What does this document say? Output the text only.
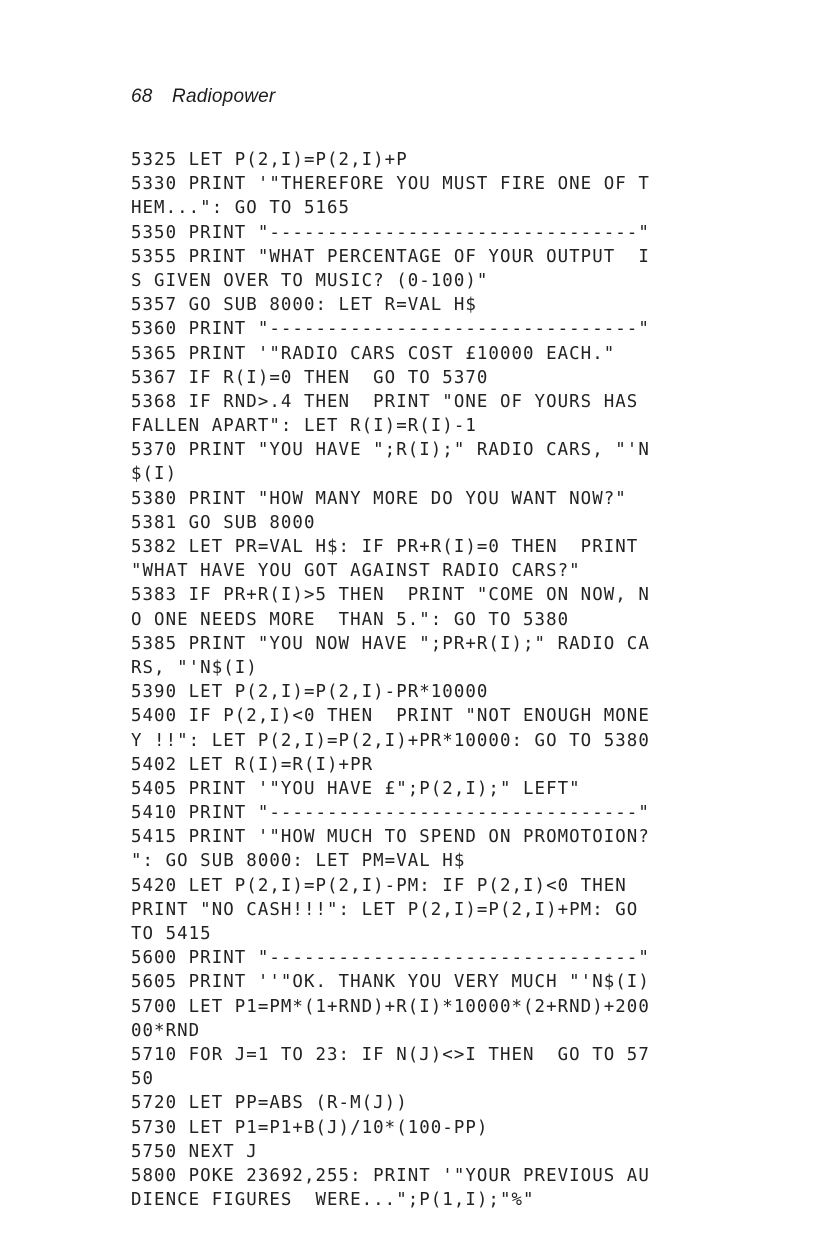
68 Radiopower
5325 LET P(2,I)=P(2,I)+P
5330 PRINT '"THEREFORE YOU MUST FIRE ONE OF T
HEM...": GO TO 5165
5350 PRINT "--------------------------------"
5355 PRINT "WHAT PERCENTAGE OF YOUR OUTPUT  I
S GIVEN OVER TO MUSIC? (0-100)"
5357 GO SUB 8000: LET R=VAL H$
5360 PRINT "--------------------------------"
5365 PRINT '"RADIO CARS COST £10000 EACH."
5367 IF R(I)=0 THEN  GO TO 5370
5368 IF RND>.4 THEN  PRINT "ONE OF YOURS HAS
FALLEN APART": LET R(I)=R(I)-1
5370 PRINT "YOU HAVE ";R(I);" RADIO CARS, "'N
$(I)
5380 PRINT "HOW MANY MORE DO YOU WANT NOW?"
5381 GO SUB 8000
5382 LET PR=VAL H$: IF PR+R(I)=0 THEN  PRINT
"WHAT HAVE YOU GOT AGAINST RADIO CARS?"
5383 IF PR+R(I)>5 THEN  PRINT "COME ON NOW, N
O ONE NEEDS MORE  THAN 5.": GO TO 5380
5385 PRINT "YOU NOW HAVE ";PR+R(I);" RADIO CA
RS, "'N$(I)
5390 LET P(2,I)=P(2,I)-PR*10000
5400 IF P(2,I)<0 THEN  PRINT "NOT ENOUGH MONE
Y !!": LET P(2,I)=P(2,I)+PR*10000: GO TO 5380
5402 LET R(I)=R(I)+PR
5405 PRINT '"YOU HAVE £";P(2,I);" LEFT"
5410 PRINT "--------------------------------"
5415 PRINT '"HOW MUCH TO SPEND ON PROMOTOION?
": GO SUB 8000: LET PM=VAL H$
5420 LET P(2,I)=P(2,I)-PM: IF P(2,I)<0 THEN
PRINT "NO CASH!!!": LET P(2,I)=P(2,I)+PM: GO
TO 5415
5600 PRINT "--------------------------------"
5605 PRINT ''"OK. THANK YOU VERY MUCH "'N$(I)
5700 LET P1=PM*(1+RND)+R(I)*10000*(2+RND)+200
00*RND
5710 FOR J=1 TO 23: IF N(J)<>I THEN  GO TO 57
50
5720 LET PP=ABS (R-M(J))
5730 LET P1=P1+B(J)/10*(100-PP)
5750 NEXT J
5800 POKE 23692,255: PRINT '"YOUR PREVIOUS AU
DIENCE FIGURES  WERE...";P(1,I);"%"
